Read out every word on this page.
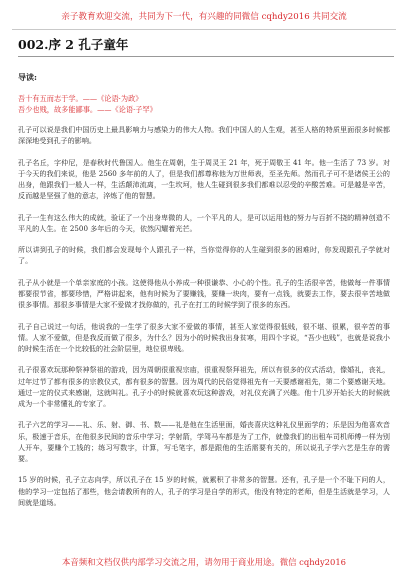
亲子教育欢迎交流，共同为下一代，有兴趣的同微信 cqhdy2016 共同交流
002.序 2 孔子童年
导读:
吾十有五而志于学。——《论语·为政》
吾少也贱，故多能鄙事。——《论语·子罕》

孔子可以说是我们中国历史上最具影响力与感染力的伟大人物。我们中国人的人生观，甚至人格的特质里面很多时候都深深地受到孔子的影响。

孔子名丘，字仲尼，是春秋时代鲁国人。他生在周朝，生于周灵王 21 年，死于周敬王 41 年。他一生活了 73 岁。对于今天的我们来说，他是 2560 多年前的人了，但是我们都尊称他为万世师表，至圣先师。然而孔子可不是诸侯王公的出身，他跟我们一般人一样，生活颠沛流离，一生坎坷，他人生碰到很多我们都难以忍受的辛酸苦难。可是越是辛苦，反而越是坚强了他的意志，淬炼了他的智慧。

孔子一生有这么伟大的成就，验证了一个出身卑微的人，一个平凡的人，是可以运用他的努力与百折不挠的精神创造不平凡的人生。在 2500 多年后的今天，依然闪耀着光芒。

所以讲到孔子的时候，我们都会发现每个人跟孔子一样，当你觉得你的人生碰到很多的困难时，你发现跟孔子学就对了。

孔子从小就是一个单亲家庭的小孩。这使得他从小养成一种很谦恭、小心的个性。孔子的生活很辛苦，他做每一件事情都要很节省，都要珍惜，严格讲起来，他有时候为了要赚钱，要赚一块肉，要有一点钱，就要去工作，要去很辛苦地做很多事情。那很多事情是大家不爱做才找你做的，孔子在打工的时候学到了很多的东西。

孔子自己说过一句话，他说我的一生学了很多大家不爱做的事情，甚至人家觉得很低贱，很不堪、很累，很辛苦的事情。人家不爱做，但是我反而做了很多，为什么？因为小的时候我出身贫寒，用四个字说，“吾少也贱”，也就是说我小的时候生活在一个比较低的社会阶层里，地位很卑贱。

孔子很喜欢玩那种祭神祭祖的游戏，因为周朝很重视宗庙，很重视祭拜祖先，所以有很多的仪式活动，像婚礼，丧礼，过年过节了都有很多的宗教仪式，都有很多的智慧。因为周代的民俗觉得祖先有一天要感谢祖先，第二个要感谢天地。通过一定的仪式来感谢，这就叫礼。孔子小的时候就喜欢玩这种游戏，对礼仪充满了兴趣。他十几岁开始长大的时候就成为一个非常懂礼的专家了。

孔子六艺的学习——礼、乐、射、御、书、数——礼是他在生活里面，婚丧喜庆这种礼仪里面学的；乐是因为他喜欢音乐，极速于音乐，在他很多民间的音乐中学习；学射箭，学驾马车都是为了工作，就像我们的出租车司机师傅一样为别人开车，要赚个工钱的；练习写数字，计算，写毛笔字，都是跟他的生活需要有关的，所以说孔子学六艺是生存的需要。

15 岁的时候，孔子立志向学，所以孔子在 15 岁的时候，就累积了非常多的智慧。还有，孔子是一个不耻下问的人，他的学习一定包括了那些，他会请教所有的人，孔子的学习是自学的形式，他没有特定的老师，但是生活就是学习，人间就是道场。

本音频和文档仅供内部学习交流之用，请勿用于商业用途。微信 cqhdy2016
